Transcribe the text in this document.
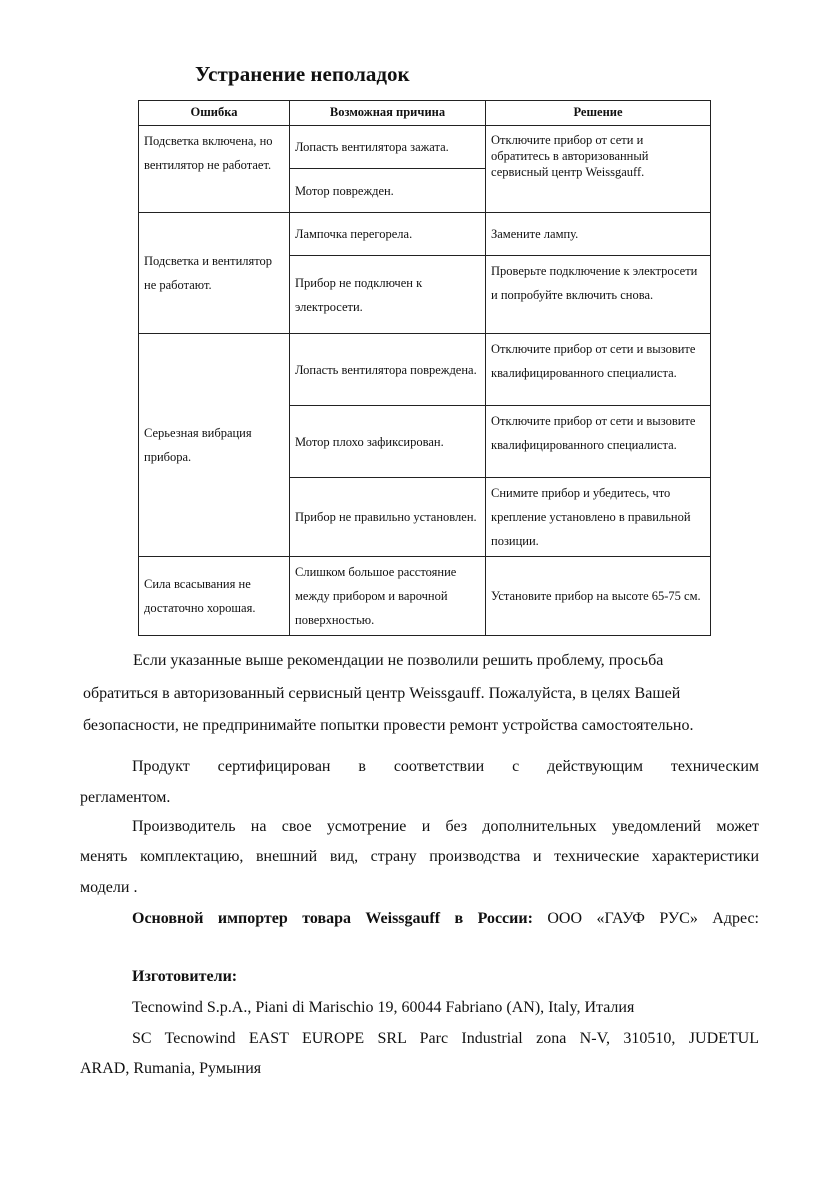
Устранение неполадок
Ошибка	Возможная причина	Решение
Подсветка включена, но вентилятор не работает.	Лопасть вентилятора зажата.	Отключите прибор от сети и обратитесь в авторизованный сервисный центр Weissgauff.
	Мотор поврежден.	
Подсветка и вентилятор не работают.	Лампочка перегорела.	Замените лампу.
	Прибор не подключен к электросети.	Проверьте подключение к электросети и попробуйте включить снова.
Серьезная вибрация прибора.	Лопасть вентилятора повреждена.	Отключите прибор от сети и вызовите квалифицированного специалиста.
	Мотор плохо зафиксирован.	Отключите прибор от сети и вызовите квалифицированного специалиста.
	Прибор не правильно установлен.	Снимите прибор и убедитесь, что крепление установлено в правильной позиции.
Сила всасывания не достаточно хорошая.	Слишком большое расстояние между прибором и варочной поверхностью.	Установите прибор на высоте 65-75 см.

Если указанные выше рекомендации не позволили решить проблему, просьба

обратиться в авторизованный сервисный центр Weissgauff. Пожалуйста, в целях Вашей

безопасности, не предпринимайте попытки провести ремонт устройства самостоятельно.

Продукт сертифицирован в соответствии с действующим техническим

регламентом.

Производитель на свое усмотрение и без дополнительных уведомлений может

менять комплектацию, внешний вид, страну производства и технические характеристики

модели .

Основной импортер товара Weissgauff в России: ООО «ГАУФ РУС» Адрес:

Изготовители:

Tecnowind S.p.A., Piani di Marischio 19, 60044 Fabriano (AN), Italy, Италия

SC Tecnowind EAST EUROPE SRL Parc Industrial zona N-V, 310510, JUDETUL

ARAD, Rumania, Румыния
